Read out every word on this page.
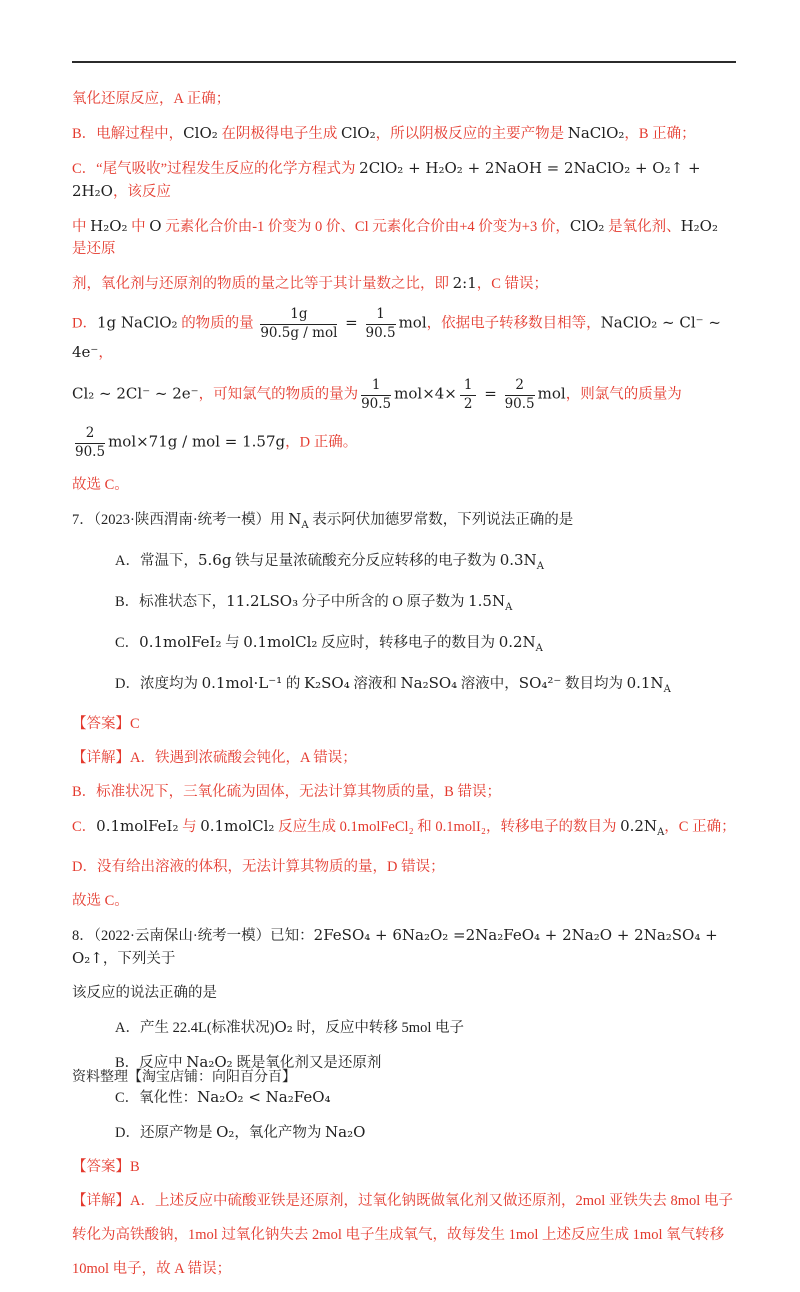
氧化还原反应，A 正确；
B．电解过程中，ClO₂ 在阴极得电子生成 ClO₂，所以阴极反应的主要产物是 NaClO₂，B 正确；
C．“尾气吸收”过程发生反应的化学方程式为 2ClO₂ + H₂O₂ + 2NaOH = 2NaClO₂ + O₂↑ + 2H₂O，该反应
中 H₂O₂ 中 O 元素化合价由-1 价变为 0 价、Cl 元素化合价由+4 价变为+3 价，ClO₂ 是氧化剂、H₂O₂ 是还原
剂，氧化剂与还原剂的物质的量之比等于其计量数之比，即 2:1，C 错误；
D．1g NaClO₂ 的物质的量 $\frac{1g}{\text{90.5g / mol}} = \frac{1}{90.5}$ mol，依据电子转移数目相等，NaClO₂ ~ Cl⁻ ~ 4e⁻，
Cl₂ ~ 2Cl⁻ ~ 2e⁻，可知氯气的物质的量为 $\frac{1}{90.5} mol\times 4\times \frac{1}{2} = \frac{2}{90.5}$ mol，则氯气的质量为
$\frac{2}{90.5} mol\times 71g$ / mol = 1.57g，D 正确。
故选 C。
7．（2023·陕西渭南·统考一模）用 $N_A$ 表示阿伏加德罗常数，下列说法正确的是
A．常温下，5.6g 铁与足量浓硫酸充分反应转移的电子数为 $0.3N_A$
B．标准状态下，11.2LSO₃ 分子中所含的 O 原子数为 $1.5N_A$
C．0.1molFeI₂ 与 0.1molCl₂ 反应时，转移电子的数目为 $0.2N_A$
D．浓度均为 0.1mol·L⁻¹ 的 K₂SO₄ 溶液和 Na₂SO₄ 溶液中，SO₄²⁻ 数目均为 $0.1N_A$
【答案】C
【详解】A．铁遇到浓硫酸会钝化，A 错误；
B．标准状况下，三氧化硫为固体，无法计算其物质的量，B 错误；
C．0.1molFeI₂ 与 0.1molCl₂ 反应生成 0.1molFeCl₂ 和 0.1molI₂，转移电子的数目为 $0.2N_A$，C 正确；
D．没有给出溶液的体积，无法计算其物质的量，D 错误；
故选 C。
8．（2022·云南保山·统考一模）已知：2FeSO₄ + 6Na₂O₂ =2Na₂FeO₄ + 2Na₂O + 2Na₂SO₄ + O₂↑，下列关于
该反应的说法正确的是
A．产生 22.4L(标准状况)O₂ 时，反应中转移 5mol 电子
B．反应中 Na₂O₂ 既是氧化剂又是还原剂
C．氧化性：Na₂O₂ < Na₂FeO₄
D．还原产物是 O₂，氧化产物为 Na₂O
【答案】B
【详解】A．上述反应中硫酸亚铁是还原剂，过氧化钠既做氧化剂又做还原剂，2mol 亚铁失去 8mol 电子
转化为高铁酸钠，1mol 过氧化钠失去 2mol 电子生成氧气，故每发生 1mol 上述反应生成 1mol 氧气转移
10mol 电子，故 A 错误；
资料整理【淘宝店铺：向阳百分百】
